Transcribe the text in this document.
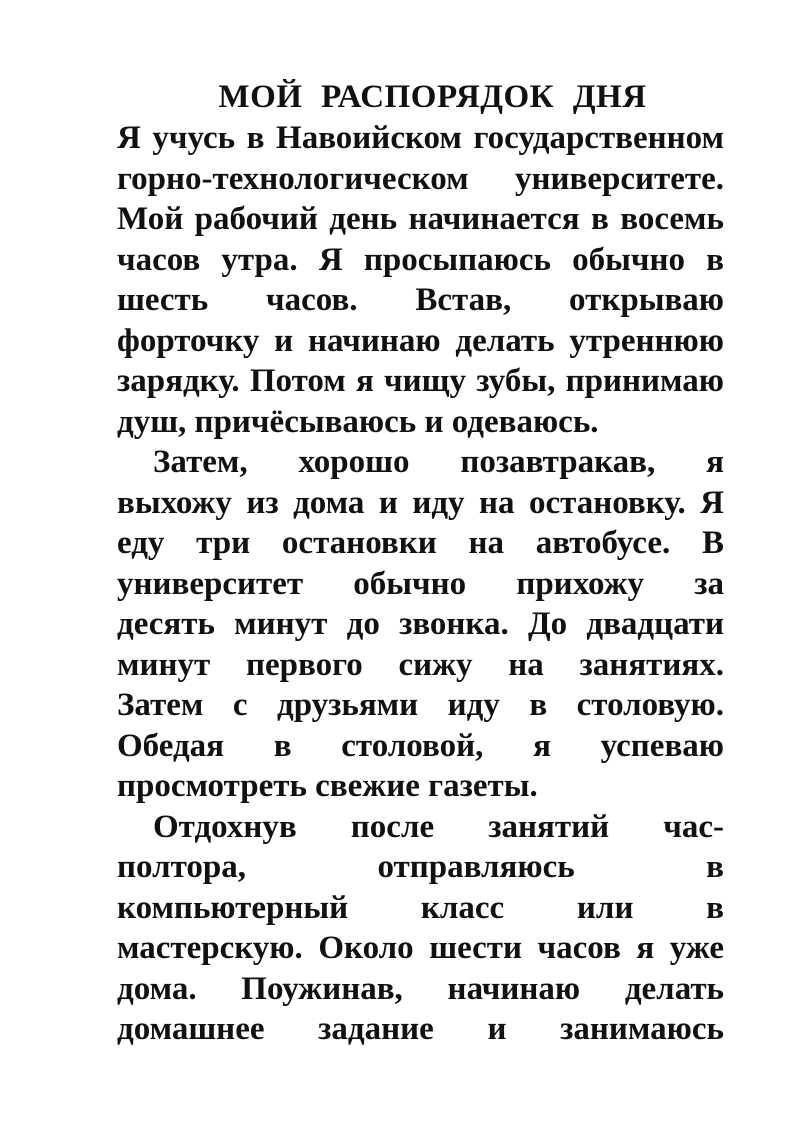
МОЙ РАСПОРЯДОК ДНЯ
Я учусь в Навоийском государственном
горно-технологическом университете.
Мой рабочий день начинается в восемь
часов утра. Я просыпаюсь обычно в
шесть часов. Встав, открываю
форточку и начинаю делать утреннюю
зарядку. Потом я чищу зубы, принимаю
душ, причёсываюсь и одеваюсь.
Затем, хорошо позавтракав, я
выхожу из дома и иду на остановку. Я
еду три остановки на автобусе. В
университет обычно прихожу за
десять минут до звонка. До двадцати
минут первого сижу на занятиях.
Затем с друзьями иду в столовую.
Обедая в столовой, я успеваю
просмотреть свежие газеты.
Отдохнув после занятий час-
полтора, отправляюсь в
компьютерный класс или в
мастерскую. Около шести часов я уже
дома. Поужинав, начинаю делать
домашнее задание и занимаюсь
